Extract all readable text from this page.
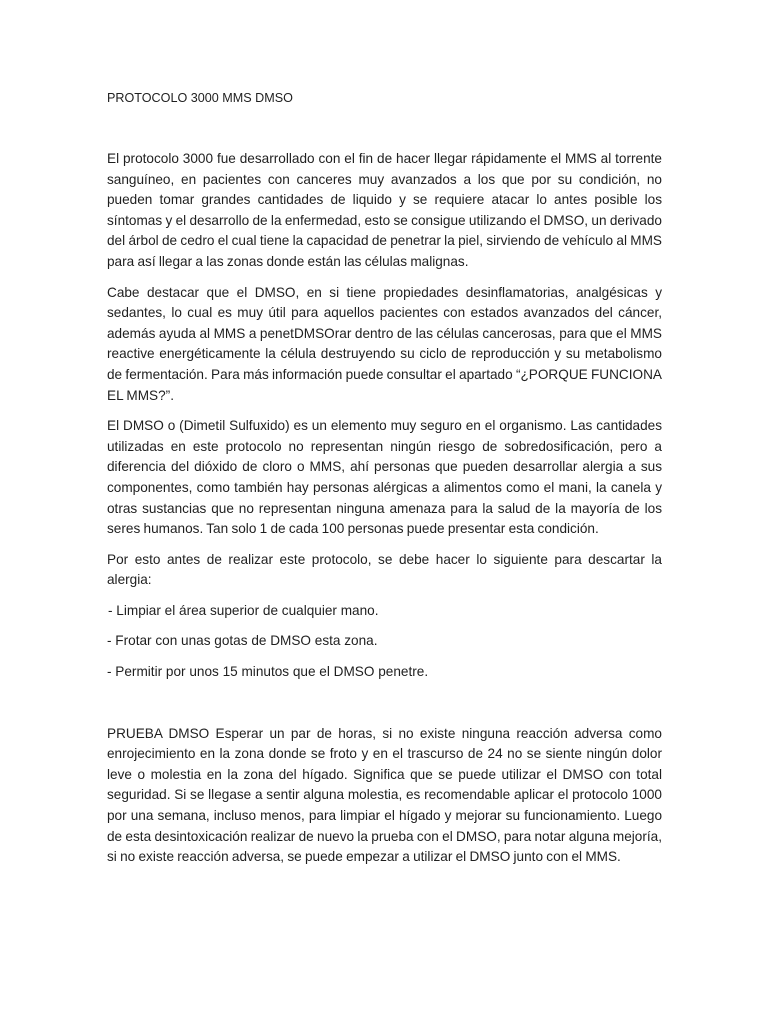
PROTOCOLO 3000 MMS DMSO

El protocolo 3000 fue desarrollado con el fin de hacer llegar rápidamente el MMS al torrente sanguíneo, en pacientes con canceres muy avanzados a los que por su condición, no pueden tomar grandes cantidades de liquido y se requiere atacar lo antes posible los síntomas y el desarrollo de la enfermedad, esto se consigue utilizando el DMSO, un derivado del árbol de cedro el cual tiene la capacidad de penetrar la piel, sirviendo de vehículo al MMS para así llegar a las zonas donde están las células malignas.

Cabe destacar que el DMSO, en si tiene propiedades desinflamatorias, analgésicas y sedantes, lo cual es muy útil para aquellos pacientes con estados avanzados del cáncer, además ayuda al MMS a penetDMSOrar dentro de las células cancerosas, para que el MMS reactive energéticamente la célula destruyendo su ciclo de reproducción y su metabolismo de fermentación. Para más información puede consultar el apartado “¿PORQUE FUNCIONA EL MMS?”.

El DMSO o (Dimetil Sulfuxido) es un elemento muy seguro en el organismo. Las cantidades utilizadas en este protocolo no representan ningún riesgo de sobredosificación, pero a diferencia del dióxido de cloro o MMS, ahí personas que pueden desarrollar alergia a sus componentes, como también hay personas alérgicas a alimentos como el mani, la canela y otras sustancias que no representan ninguna amenaza para la salud de la mayoría de los seres humanos. Tan solo 1 de cada 100 personas puede presentar esta condición.

Por esto antes de realizar este protocolo, se debe hacer lo siguiente para descartar la alergia:

- Limpiar el área superior de cualquier mano.

- Frotar con unas gotas de DMSO esta zona.

- Permitir por unos 15 minutos que el DMSO penetre.

PRUEBA DMSO Esperar un par de horas, si no existe ninguna reacción adversa como enrojecimiento en la zona donde se froto y en el trascurso de 24 no se siente ningún dolor leve o molestia en la zona del hígado. Significa que se puede utilizar el DMSO con total seguridad. Si se llegase a sentir alguna molestia, es recomendable aplicar el protocolo 1000 por una semana, incluso menos, para limpiar el hígado y mejorar su funcionamiento. Luego de esta desintoxicación realizar de nuevo la prueba con el DMSO, para notar alguna mejoría, si no existe reacción adversa, se puede empezar a utilizar el DMSO junto con el MMS.
